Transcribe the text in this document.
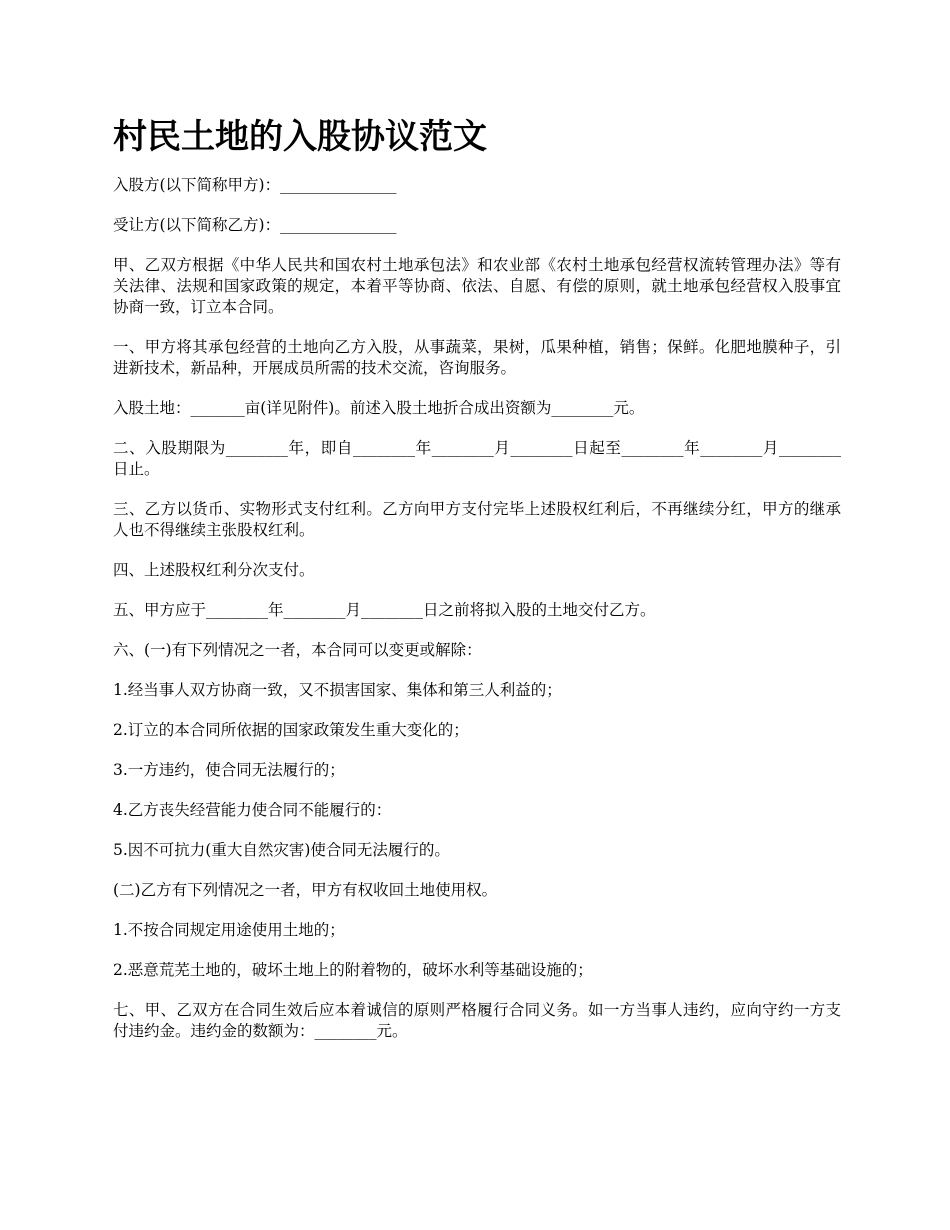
村民土地的入股协议范文

入股方(以下简称甲方)：_______________

受让方(以下简称乙方)：_______________

甲、乙双方根据《中华人民共和国农村土地承包法》和农业部《农村土地承包经营权流转管理办法》等有关法律、法规和国家政策的规定，本着平等协商、依法、自愿、有偿的原则，就土地承包经营权入股事宜协商一致，订立本合同。

一、甲方将其承包经营的土地向乙方入股，从事蔬菜，果树，瓜果种植，销售；保鲜。化肥地膜种子，引进新技术，新品种，开展成员所需的技术交流，咨询服务。

入股土地：_______亩(详见附件)。前述入股土地折合成出资额为________元。

二、入股期限为________年，即自________年________月________日起至________年________月________日止。

三、乙方以货币、实物形式支付红利。乙方向甲方支付完毕上述股权红利后，不再继续分红，甲方的继承人也不得继续主张股权红利。

四、上述股权红利分次支付。

五、甲方应于________年________月________日之前将拟入股的土地交付乙方。

六、(一)有下列情况之一者，本合同可以变更或解除：

1.经当事人双方协商一致，又不损害国家、集体和第三人利益的；

2.订立的本合同所依据的国家政策发生重大变化的；

3.一方违约，使合同无法履行的；

4.乙方丧失经营能力使合同不能履行的：

5.因不可抗力(重大自然灾害)使合同无法履行的。

(二)乙方有下列情况之一者，甲方有权收回土地使用权。

1.不按合同规定用途使用土地的；

2.恶意荒芜土地的，破坏土地上的附着物的，破坏水利等基础设施的；

七、甲、乙双方在合同生效后应本着诚信的原则严格履行合同义务。如一方当事人违约，应向守约一方支付违约金。违约金的数额为：________元。
